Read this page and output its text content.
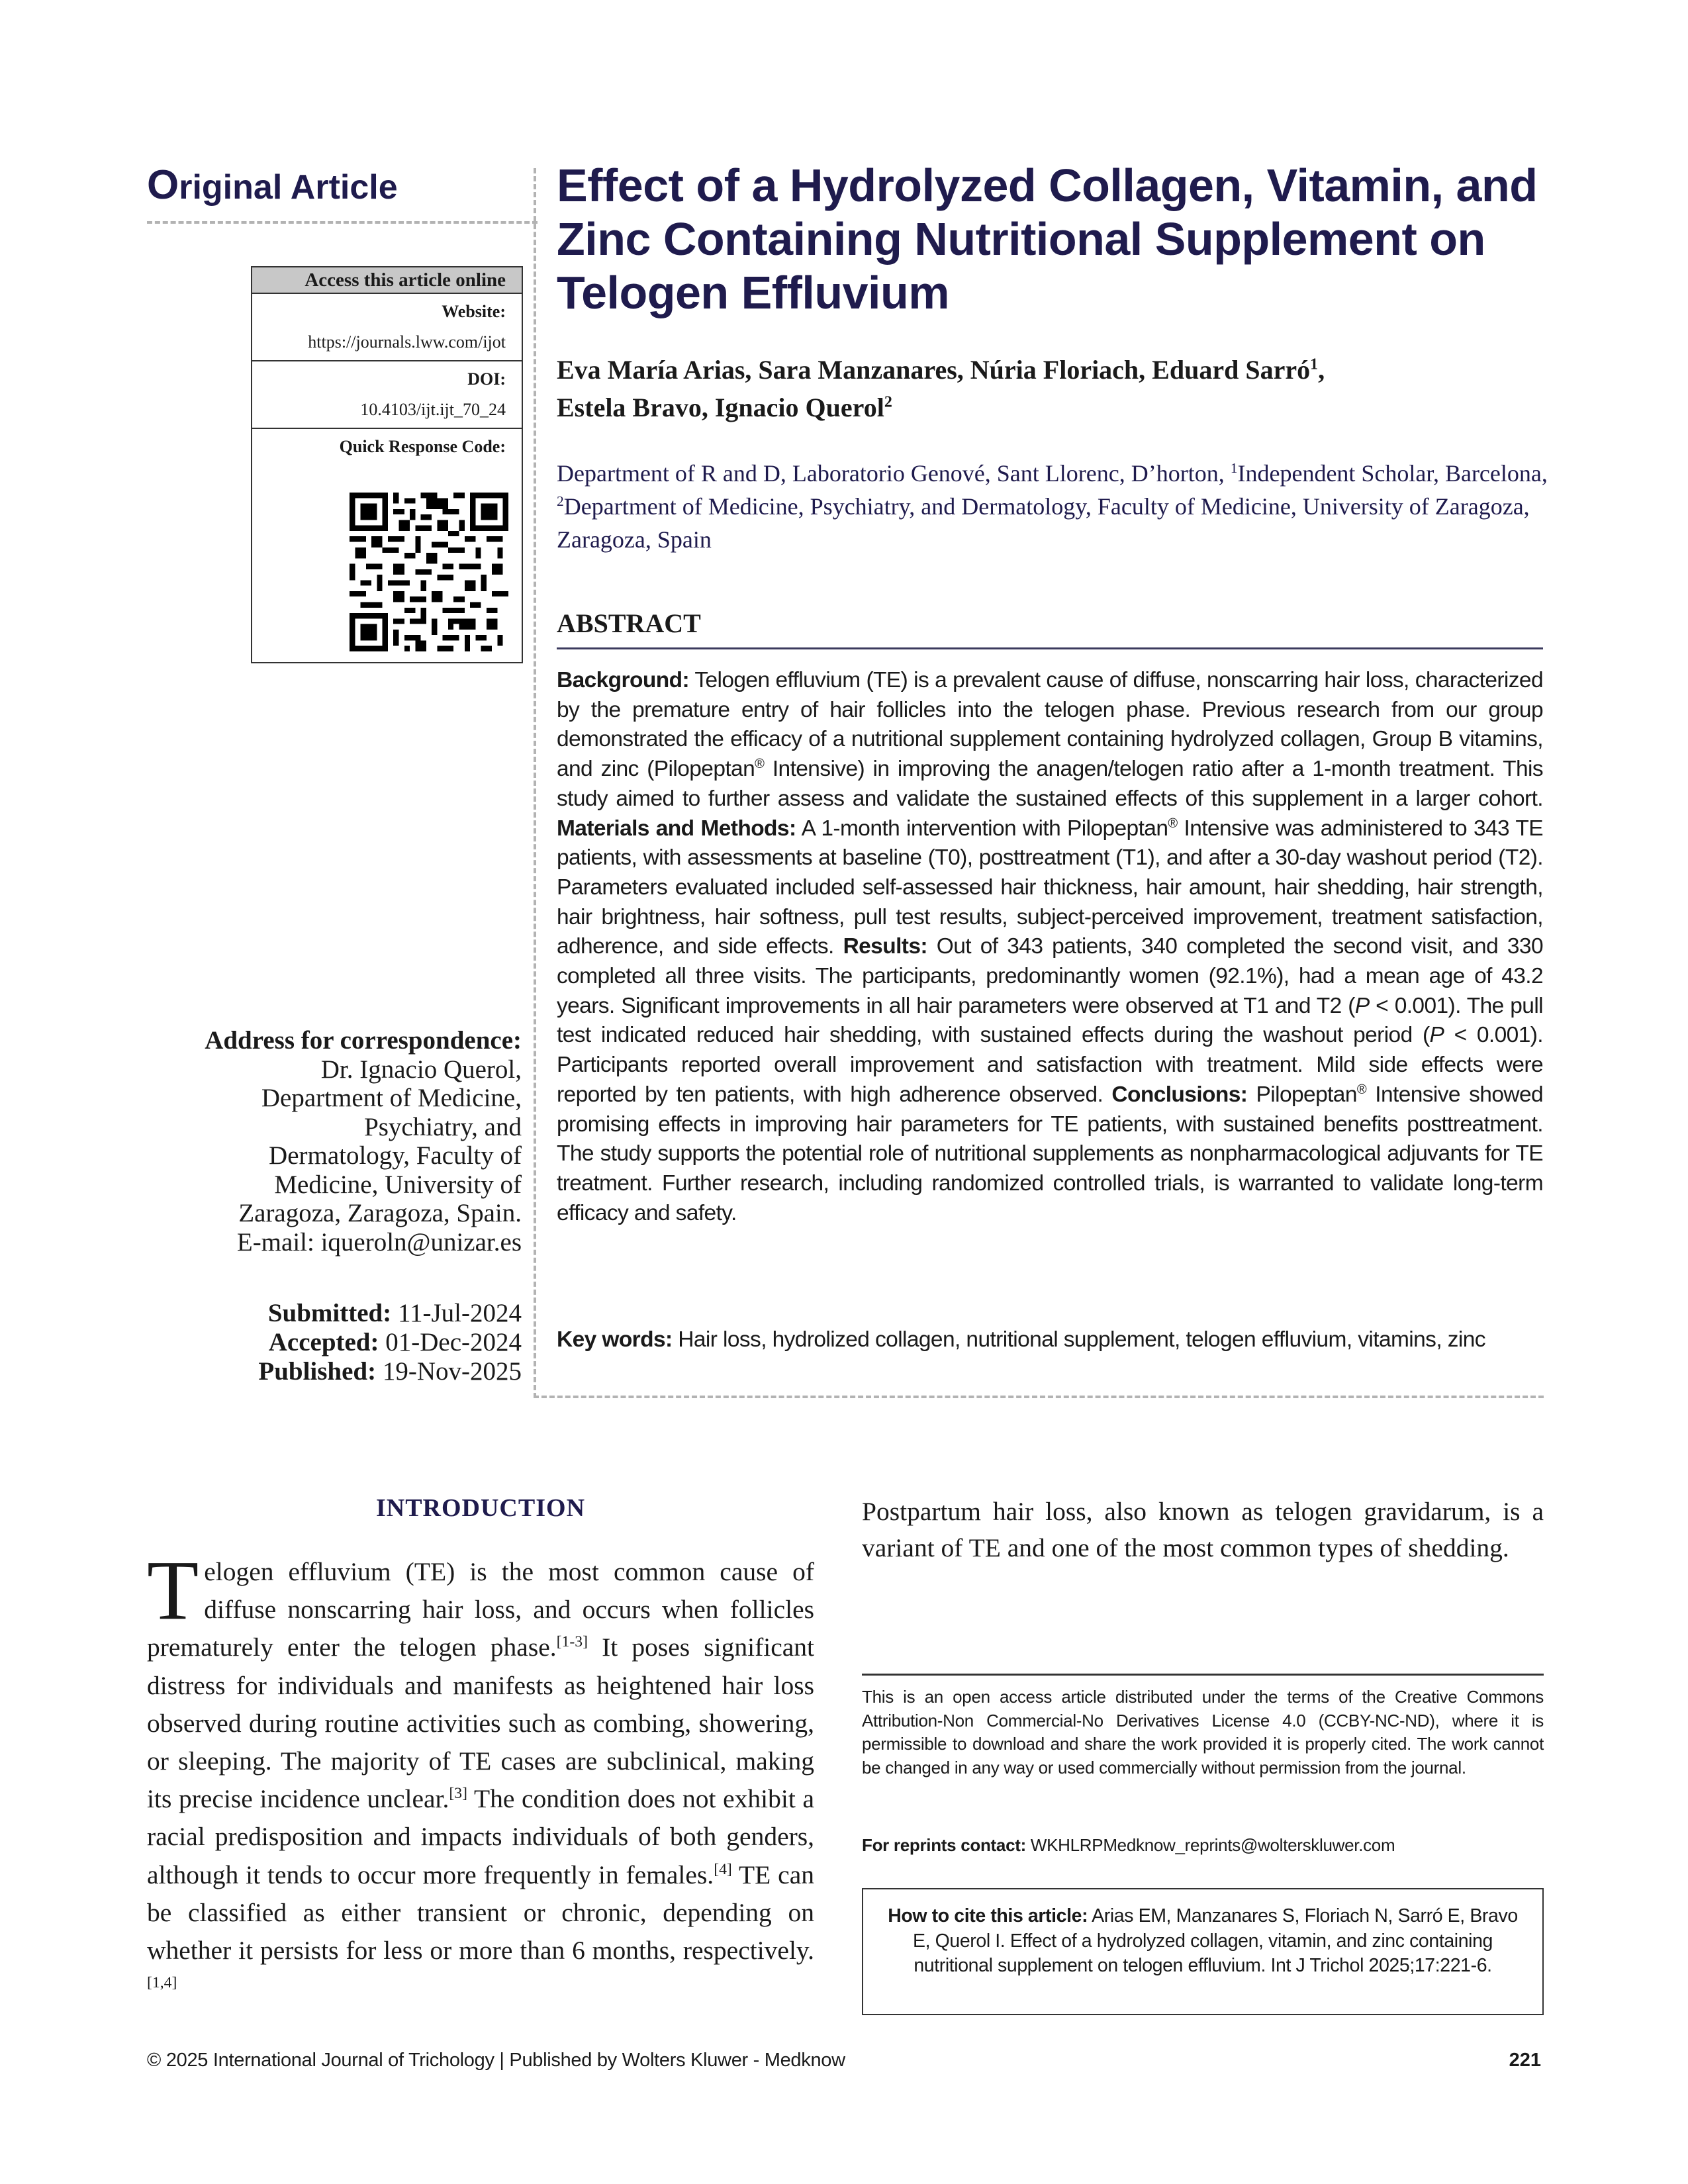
Original Article
Access this article online
Website:
https://journals.lww.com/ijot
DOI:
10.4103/ijt.ijt_70_24
Quick Response Code:
Address for correspondence:
Dr. Ignacio Querol,
Department of Medicine,
Psychiatry, and
Dermatology, Faculty of
Medicine, University of
Zaragoza, Zaragoza, Spain.
E-mail: iqueroln@unizar.es
Submitted: 11-Jul-2024
Accepted: 01-Dec-2024
Published: 19-Nov-2025
Effect of a Hydrolyzed Collagen, Vitamin, and Zinc Containing Nutritional Supplement on Telogen Effluvium
Eva María Arias, Sara Manzanares, Núria Floriach, Eduard Sarró$^1$,
Estela Bravo, Ignacio Querol$^2$
Department of R and D, Laboratorio Genové, Sant Llorenc, D’horton, $^1$Independent Scholar, Barcelona, $^2$Department of Medicine, Psychiatry, and Dermatology, Faculty of Medicine, University of Zaragoza, Zaragoza, Spain
ABSTRACT
Background: Telogen effluvium (TE) is a prevalent cause of diffuse, nonscarring hair loss, characterized by the premature entry of hair follicles into the telogen phase. Previous research from our group demonstrated the efficacy of a nutritional supplement containing hydrolyzed collagen, Group B vitamins, and zinc (Pilopeptan® Intensive) in improving the anagen/telogen ratio after a 1-month treatment. This study aimed to further assess and validate the sustained effects of this supplement in a larger cohort. Materials and Methods: A 1-month intervention with Pilopeptan® Intensive was administered to 343 TE patients, with assessments at baseline (T0), posttreatment (T1), and after a 30-day washout period (T2). Parameters evaluated included self-assessed hair thickness, hair amount, hair shedding, hair strength, hair brightness, hair softness, pull test results, subject-perceived improvement, treatment satisfaction, adherence, and side effects. Results: Out of 343 patients, 340 completed the second visit, and 330 completed all three visits. The participants, predominantly women (92.1%), had a mean age of 43.2 years. Significant improvements in all hair parameters were observed at T1 and T2 (P < 0.001). The pull test indicated reduced hair shedding, with sustained effects during the washout period (P < 0.001). Participants reported overall improvement and satisfaction with treatment. Mild side effects were reported by ten patients, with high adherence observed. Conclusions: Pilopeptan® Intensive showed promising effects in improving hair parameters for TE patients, with sustained benefits posttreatment. The study supports the potential role of nutritional supplements as nonpharmacological adjuvants for TE treatment. Further research, including randomized controlled trials, is warranted to validate long-term efficacy and safety.
Key words: Hair loss, hydrolized collagen, nutritional supplement, telogen effluvium, vitamins, zinc
INTRODUCTION
Telogen effluvium (TE) is the most common cause of diffuse nonscarring hair loss, and occurs when follicles prematurely enter the telogen phase.[1-3] It poses significant distress for individuals and manifests as heightened hair loss observed during routine activities such as combing, showering, or sleeping. The majority of TE cases are subclinical, making its precise incidence unclear.[3] The condition does not exhibit a racial predisposition and impacts individuals of both genders, although it tends to occur more frequently in females.[4] TE can be classified as either transient or chronic, depending on whether it persists for less or more than 6 months, respectively.[1,4]
Postpartum hair loss, also known as telogen gravidarum, is a variant of TE and one of the most common types of shedding.
This is an open access article distributed under the terms of the Creative Commons Attribution-Non Commercial-No Derivatives License 4.0 (CCBY-NC-ND), where it is permissible to download and share the work provided it is properly cited. The work cannot be changed in any way or used commercially without permission from the journal.
For reprints contact: WKHLRPMedknow_reprints@wolterskluwer.com
How to cite this article: Arias EM, Manzanares S, Floriach N, Sarró E, Bravo E, Querol I. Effect of a hydrolyzed collagen, vitamin, and zinc containing nutritional supplement on telogen effluvium. Int J Trichol 2025;17:221-6.
© 2025 International Journal of Trichology | Published by Wolters Kluwer - Medknow	221
